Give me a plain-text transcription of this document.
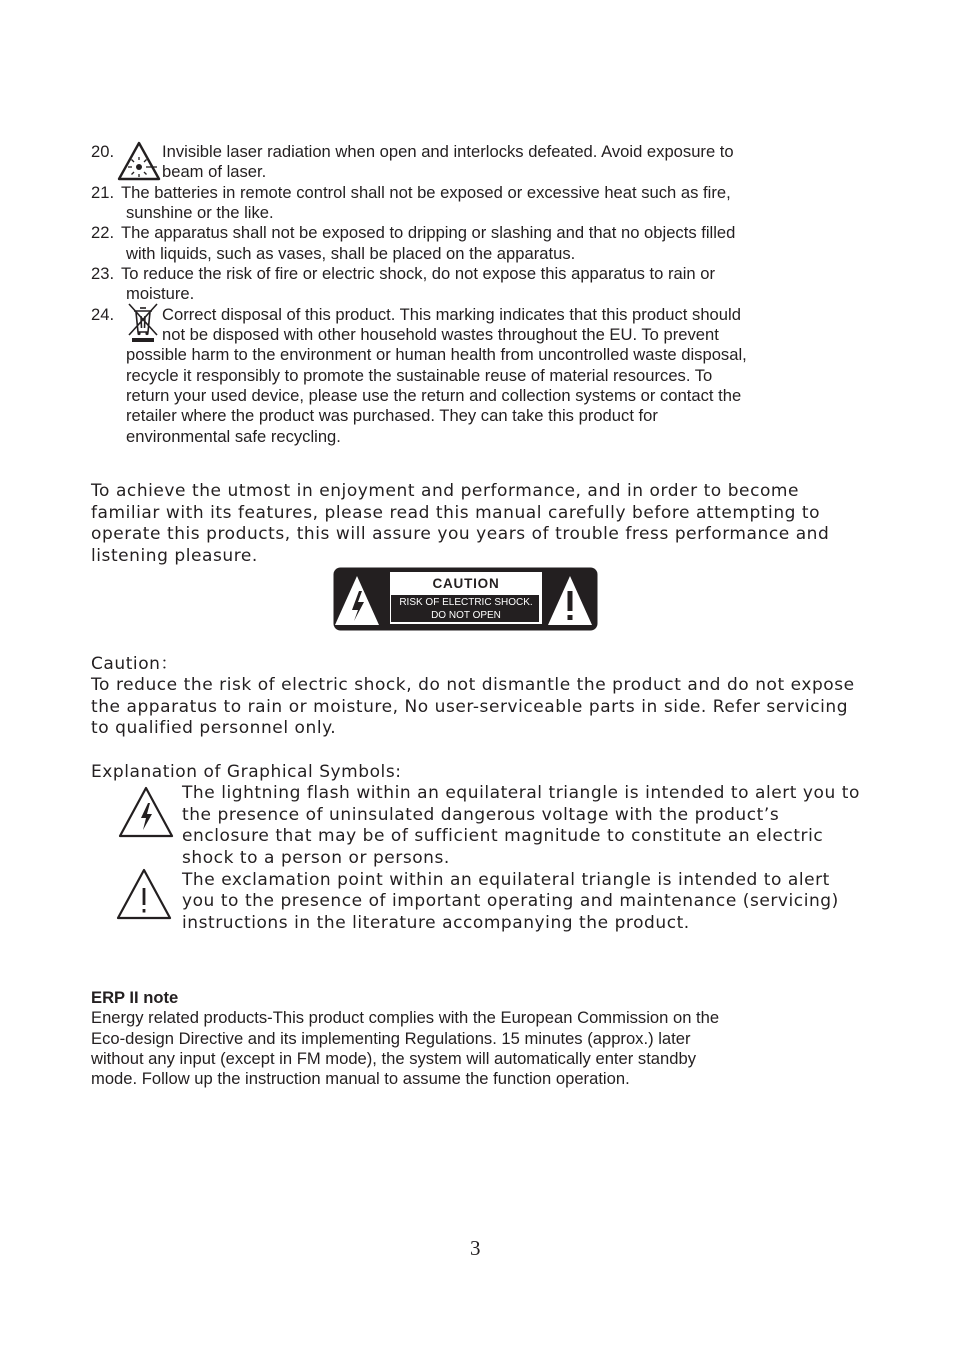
20.	Invisible laser radiation when open and interlocks defeated. Avoid exposure to
beam of laser.
21. The batteries in remote control shall not be exposed or excessive heat such as fire,
sunshine or the like.
22. The apparatus shall not be exposed to dripping or slashing and that no objects filled
with liquids, such as vases, shall be placed on the apparatus.
23. To reduce the risk of fire or electric shock, do not expose this apparatus to rain or
moisture.
24.	Correct disposal of this product. This marking indicates that this product should
not be disposed with other household wastes throughout the EU. To prevent
possible harm to the environment or human health from uncontrolled waste disposal,
recycle it responsibly to promote the sustainable reuse of material resources. To
return your used device, please use the return and collection systems or contact the
retailer where the product was purchased. They can take this product for
environmental safe recycling.
To achieve the utmost in enjoyment and performance, and in order to become
familiar with its features, please read this manual carefully before attempting to
operate this products, this will assure you years of trouble fress performance and
listening pleasure.
CAUTION
RISK OF ELECTRIC SHOCK.
DO NOT OPEN
Caution：
To reduce the risk of electric shock, do not dismantle the product and do not expose
the apparatus to rain or moisture, No user-serviceable parts in side. Refer servicing
to qualified personnel only.
Explanation of Graphical Symbols:
The lightning flash within an equilateral triangle is intended to alert you to
the presence of uninsulated dangerous voltage with the product’s
enclosure that may be of sufficient magnitude to constitute an electric
shock to a person or persons.
The exclamation point within an equilateral triangle is intended to alert
you to the presence of important operating and maintenance (servicing)
instructions in the literature accompanying the product.
ERP II note
Energy related products-This product complies with the European Commission on the
Eco-design Directive and its implementing Regulations. 15 minutes (approx.) later
without any input (except in FM mode), the system will automatically enter standby
mode. Follow up the instruction manual to assume the function operation.
3
